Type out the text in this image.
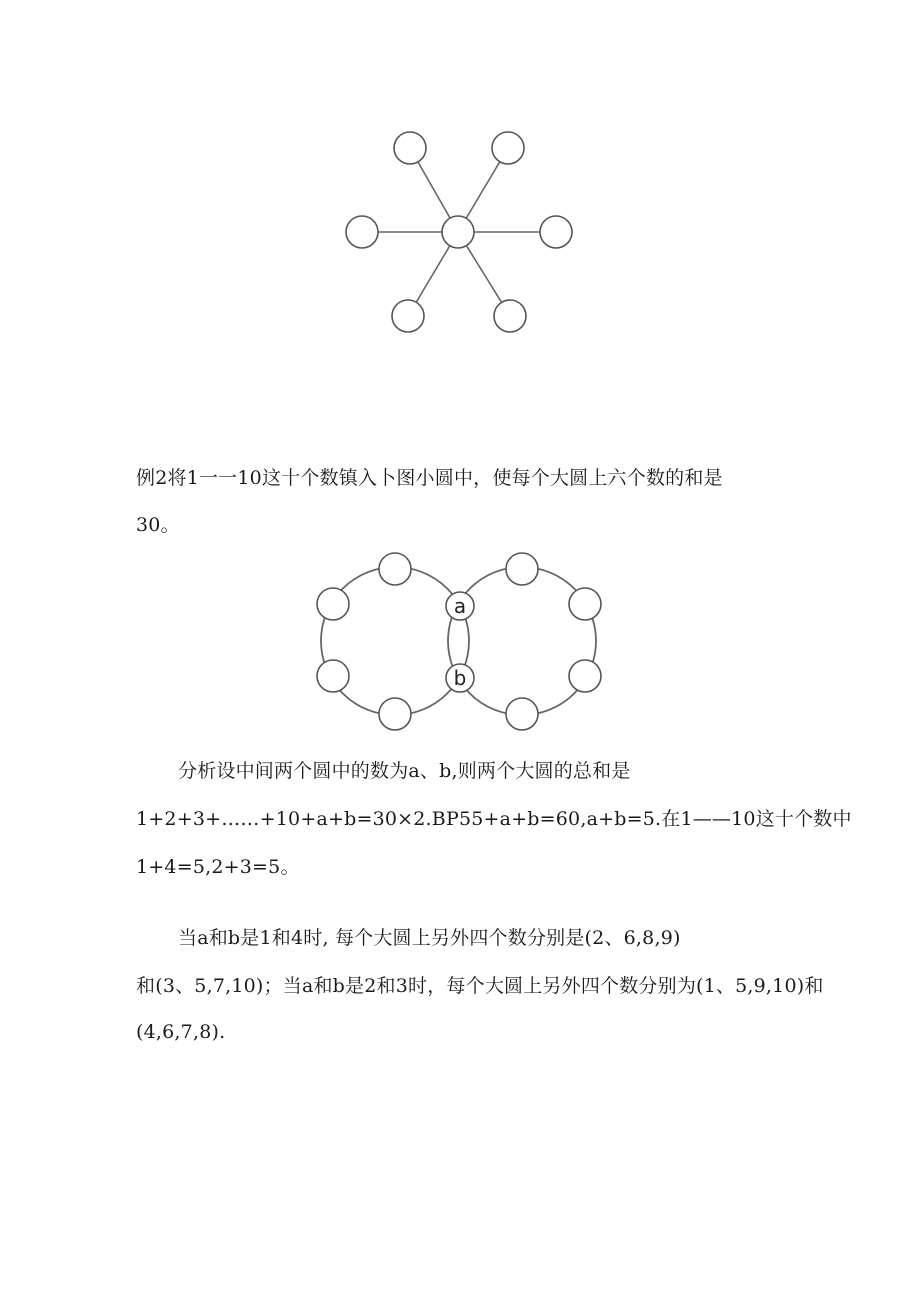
例2将1一一10这十个数镇入卜图小圆中，使每个大圆上六个数的和是
30。
a
b
分析设中间两个圆中的数为a、b,则两个大圆的总和是
1+2+3+……+10+a+b=30×2.BP55+a+b=60,a+b=5.在1——10这十个数中
1+4=5,2+3=5。
当a和b是1和4时, 每个大圆上另外四个数分别是(2、6,8,9)
和(3、5,7,10)；当a和b是2和3时，每个大圆上另外四个数分别为(1、5,9,10)和
(4,6,7,8).
